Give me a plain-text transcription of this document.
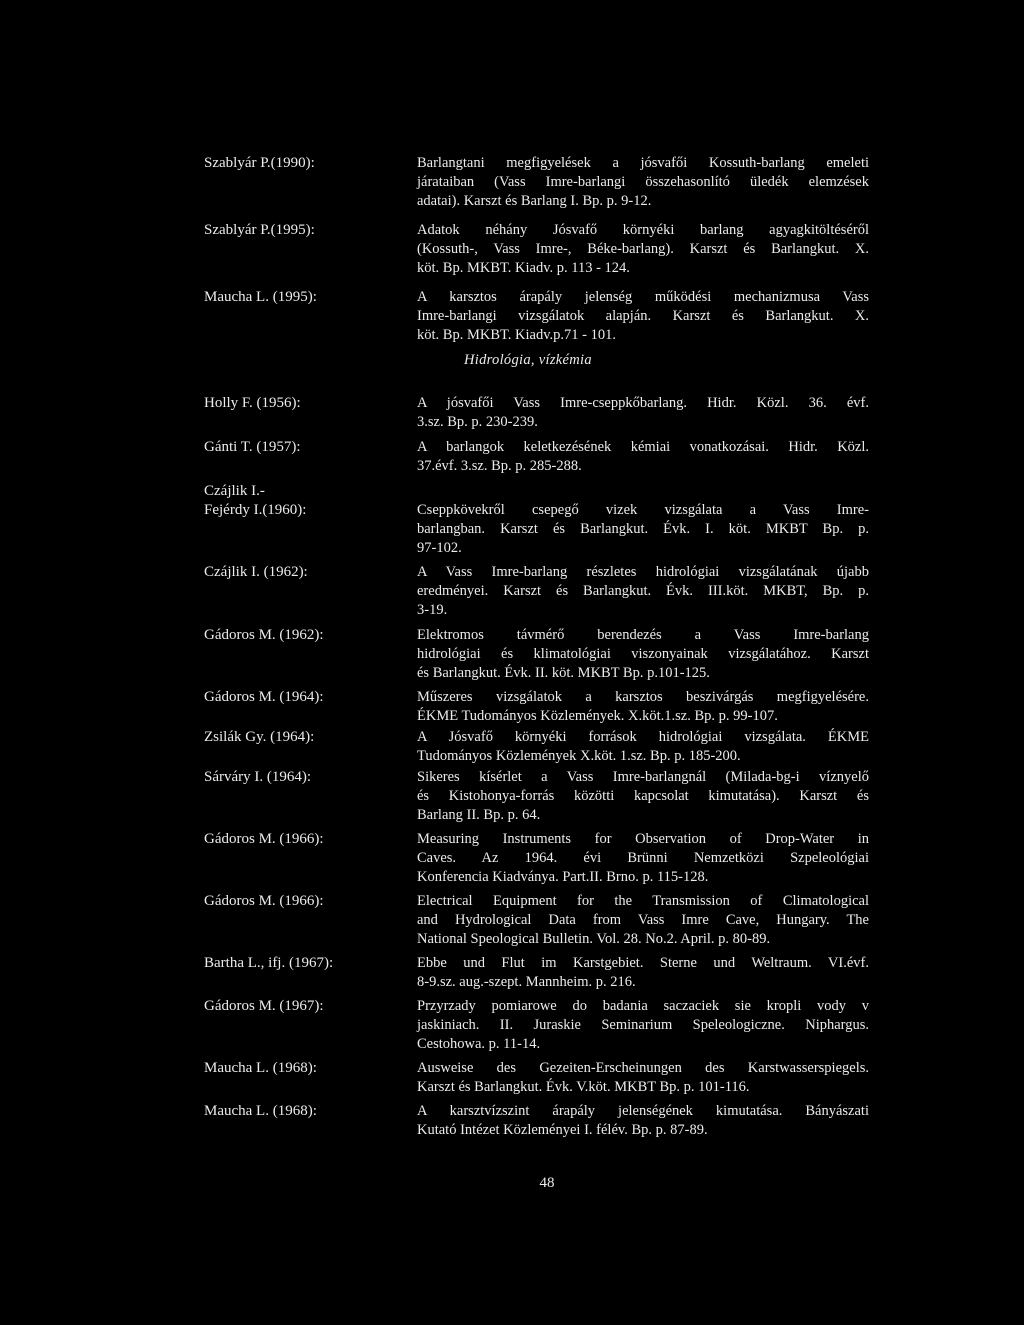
Szablyár P.(1990):	Barlangtani megfigyelések a jósvafői Kossuth-barlang emeleti
járataiban (Vass Imre-barlangi összehasonlító üledék elemzések
adatai). Karszt és Barlang I. Bp. p. 9-12.
Szablyár P.(1995):	Adatok néhány Jósvafő környéki barlang agyagkitöltéséről
(Kossuth-, Vass Imre-, Béke-barlang). Karszt és Barlangkut. X.
köt. Bp. MKBT. Kiadv. p. 113 - 124.
Maucha L. (1995):	A karsztos árapály jelenség működési mechanizmusa Vass
Imre-barlangi vizsgálatok alapján. Karszt és Barlangkut. X.
köt. Bp. MKBT. Kiadv.p.71 - 101.
Holly F. (1956):	A jósvafői Vass Imre-cseppkőbarlang. Hidr. Közl. 36. évf.
3.sz. Bp. p. 230-239.
Gánti T. (1957):	A barlangok keletkezésének kémiai vonatkozásai. Hidr. Közl.
37.évf. 3.sz. Bp. p. 285-288.
Czájlik I.-
Fejérdy I.(1960):	Cseppkövekről csepegő vizek vizsgálata a Vass Imre-
barlangban. Karszt és Barlangkut. Évk. I. köt. MKBT Bp. p.
97-102.
Czájlik I. (1962):	A Vass Imre-barlang részletes hidrológiai vizsgálatának újabb
eredményei. Karszt és Barlangkut. Évk. III.köt. MKBT, Bp. p.
3-19.
Gádoros M. (1962):	Elektromos távmérő berendezés a Vass Imre-barlang
hidrológiai és klimatológiai viszonyainak vizsgálatához. Karszt
és Barlangkut. Évk. II. köt. MKBT Bp. p.101-125.
Gádoros M. (1964):	Műszeres vizsgálatok a karsztos beszivárgás megfigyelésére.
ÉKME Tudományos Közlemények. X.köt.1.sz. Bp. p. 99-107.
Zsilák Gy. (1964):	A Jósvafő környéki források hidrológiai vizsgálata. ÉKME
Tudományos Közlemények X.köt. 1.sz. Bp. p. 185-200.
Sárváry I. (1964):	Sikeres kísérlet a Vass Imre-barlangnál (Milada-bg-i víznyelő
és Kistohonya-forrás közötti kapcsolat kimutatása). Karszt és
Barlang II. Bp. p. 64.
Gádoros M. (1966):	Measuring Instruments for Observation of Drop-Water in
Caves. Az 1964. évi Brünni Nemzetközi Szpeleológiai
Konferencia Kiadványa. Part.II. Brno. p. 115-128.
Gádoros M. (1966):	Electrical Equipment for the Transmission of Climatological
and Hydrological Data from Vass Imre Cave, Hungary. The
National Speological Bulletin. Vol. 28. No.2. April. p. 80-89.
Bartha L., ifj. (1967):	Ebbe und Flut im Karstgebiet. Sterne und Weltraum. VI.évf.
8-9.sz. aug.-szept. Mannheim. p. 216.
Gádoros M. (1967):	Przyrzady pomiarowe do badania saczaciek sie kropli vody v
jaskiniach. II. Juraskie Seminarium Speleologiczne. Niphargus.
Cestohowa. p. 11-14.
Maucha L. (1968):	Ausweise des Gezeiten-Erscheinungen des Karstwasserspiegels.
Karszt és Barlangkut. Évk. V.köt. MKBT Bp. p. 101-116.
Maucha L. (1968):	A karsztvízszint árapály jelenségének kimutatása. Bányászati
Kutató Intézet Közleményei I. félév. Bp. p. 87-89.
Hidrológia, vízkémia
48
